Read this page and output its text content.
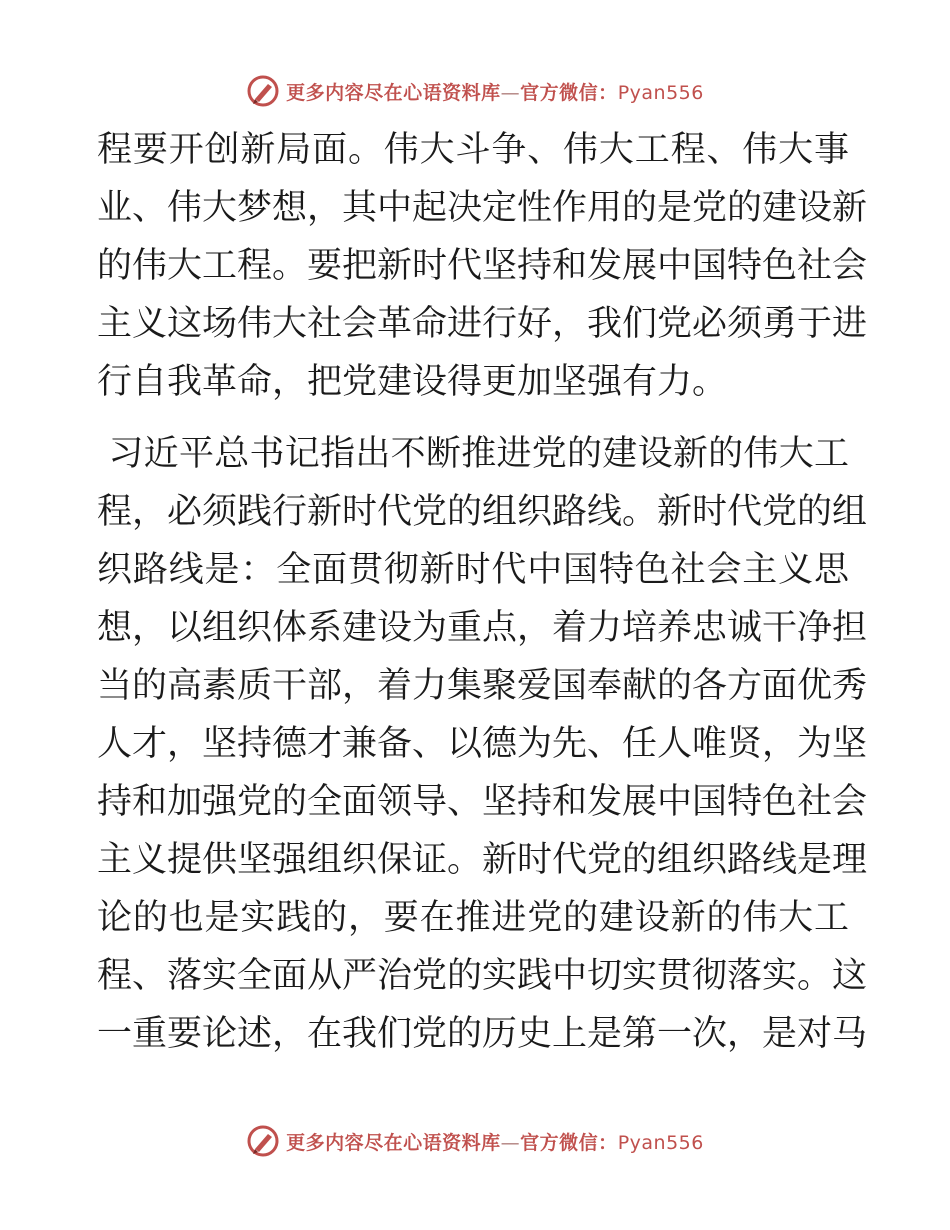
更多内容尽在心语资料库—官方微信：Pyan556
程要开创新局面。伟大斗争、伟大工程、伟大事
业、伟大梦想，其中起决定性作用的是党的建设新
的伟大工程。要把新时代坚持和发展中国特色社会
主义这场伟大社会革命进行好，我们党必须勇于进
行自我革命，把党建设得更加坚强有力。
习近平总书记指出不断推进党的建设新的伟大工
程，必须践行新时代党的组织路线。新时代党的组
织路线是：全面贯彻新时代中国特色社会主义思
想，以组织体系建设为重点，着力培养忠诚干净担
当的高素质干部，着力集聚爱国奉献的各方面优秀
人才，坚持德才兼备、以德为先、任人唯贤，为坚
持和加强党的全面领导、坚持和发展中国特色社会
主义提供坚强组织保证。新时代党的组织路线是理
论的也是实践的，要在推进党的建设新的伟大工
程、落实全面从严治党的实践中切实贯彻落实。这
一重要论述，在我们党的历史上是第一次，是对马
更多内容尽在心语资料库—官方微信：Pyan556
